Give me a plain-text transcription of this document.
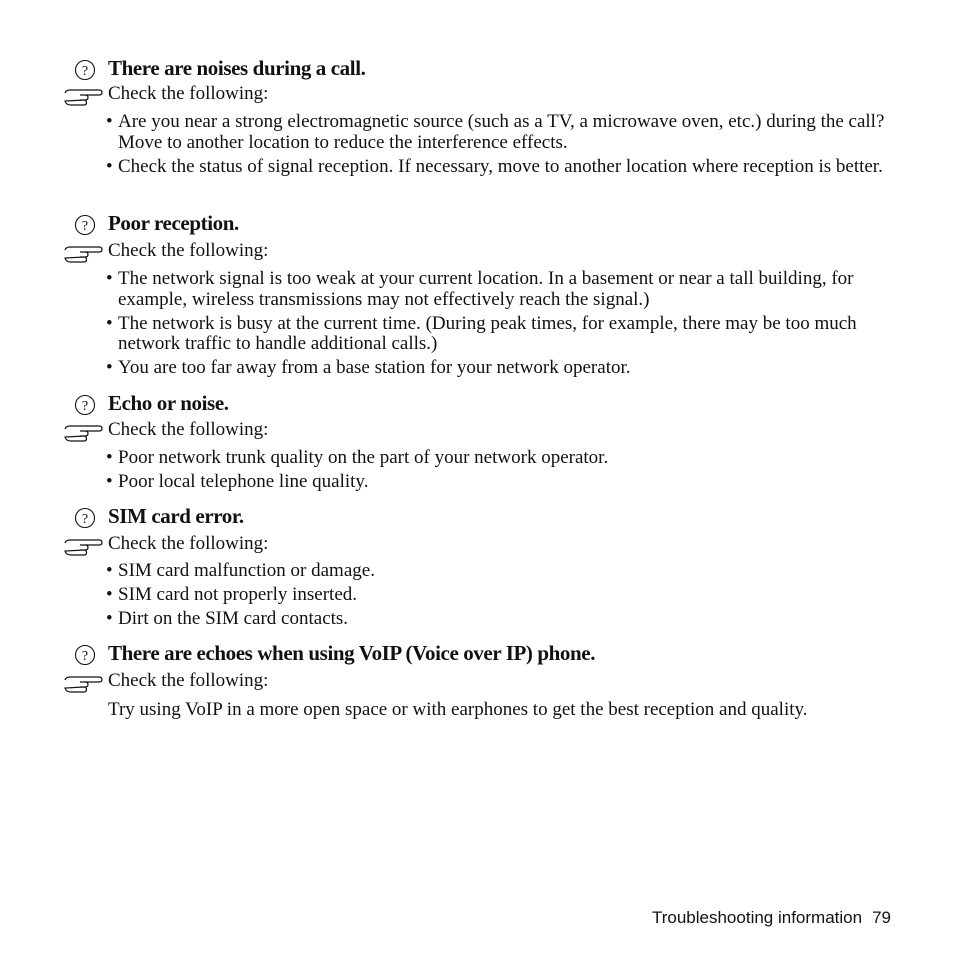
? There are noises during a call.
Check the following:
• Are you near a strong electromagnetic source (such as a TV, a microwave oven, etc.) during the call? Move to another location to reduce the interference effects.
• Check the status of signal reception. If necessary, move to another location where reception is better.
? Poor reception.
Check the following:
• The network signal is too weak at your current location. In a basement or near a tall building, for example, wireless transmissions may not effectively reach the signal.)
• The network is busy at the current time. (During peak times, for example, there may be too much network traffic to handle additional calls.)
• You are too far away from a base station for your network operator.
? Echo or noise.
Check the following:
• Poor network trunk quality on the part of your network operator.
• Poor local telephone line quality.
? SIM card error.
Check the following:
• SIM card malfunction or damage.
• SIM card not properly inserted.
• Dirt on the SIM card contacts.
? There are echoes when using VoIP (Voice over IP) phone.
Check the following:
Try using VoIP in a more open space or with earphones to get the best reception and quality.
Troubleshooting information 79
